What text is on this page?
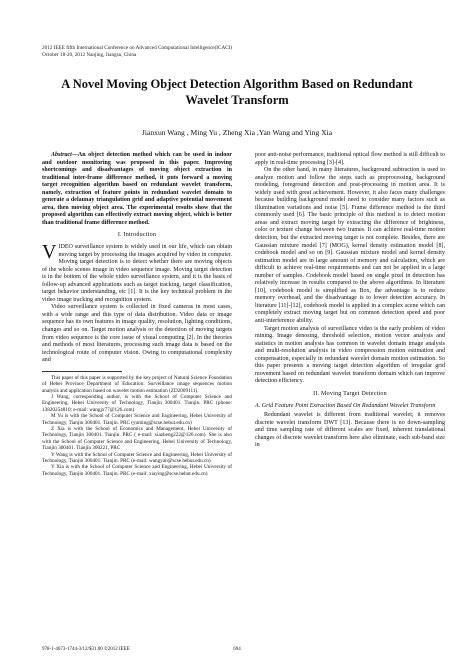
2012 IEEE fifth International Conference on Advanced Computational Intelligence(ICACI)
October 18-20, 2012 Nanjing, Jiangsu, China
A Novel Moving Object Detection Algorithm Based on Redundant
Wavelet Transform
Jianxun Wang , Ming Yu , Zheng Xia ,Yan Wang and Ying Xia

Abstract—An object detection method which can be used in indoor and outdoor monitoring was proposed in this paper. Improving shortcomings and disadvantages of moving object extraction in traditional inter-frame difference method, it puts forward a moving target recognition algorithm based on redundant wavelet transform, namely, extraction of feature points in redundant wavelet domain to generate a delaunay triangulation grid and adaptive potential movement area, then moving object area. The experimental results show that the proposed algorithm can effectively extract moving object, which is better than traditional frame difference method.

I. Introduction

VIDEO surveillance system is widely used in our life, which can obtain moving target by processing the images acquired by video in computer. Moving target detection is to detect whether there are moving objects of the whole scenes image in video sequence image. Moving target detection is in the bottom of the whole video surveillance system, and it is the basis of follow-up advanced applications such as target tracking, target classification, target behavior understanding, etc [1]. It is the key technical problem in the video image tracking and recognition system.

Video surveillance system is collected in fixed cameras in most cases, with a wide range and this type of data distribution. Video data or image sequence has its own features in image quality, resolution, lighting conditions, changes and so on. Target motion analysis or the detection of moving targets from video sequence is the core issue of visual computing [2]. In the theories and methods of most literatures, processing such image data is based on the technological route of computer vision. Owing to computational complexity and

This paper of this paper is supported by the key project of Natural Science Foundation of Hebei Province Department of Education: Surveillance image sequences motion analysis and application based on wavelet motion estimation (ZD2009111).

J Wang, corresponding author, is with the School of Computer Science and Engineering, Hebei University of Technology, Tianjin 300401. Tianjin. PRC (phone: 13820254810; e-mail: wangjx77@126.com).

M Yu is with the School of Computer Science and Engineering, Hebei University of Technology, Tianjin 300401. Tianjin. PRC (yuming@scse.hebut.edu.cn)

Z Xia is with the School of Economics and Management, Hebei University of Technology, Tianjin 300401. Tianjin. PRC ( e-mail: xiazheng222@126.com). She is also with the School of Computer Science and Engineering, Hebei University of Technology, Tianjin 300401. Tianjin 300221, PRC

Y Wang is with the School of Computer Science and Engineering, Hebei University of Technology, Tianjin 300401. Tianjin. PRC (e-mail: wangyan@scse.hebut.edu.cn)

Y Xia is with the School of Computer Science and Engineering, Hebei University of Technology, Tianjin 300401. Tianjin. PRC (e-mail: xiaying@scse.hebut.edu.cn)

poor anti-noise performance, traditional optical flow method is still difficult to apply in real-time processing [3]-[4].

On the other hand, in many literatures, background subtraction is used to analyze motion and follow the steps such as preprocessing, background modeling, foreground detection and post-processing in motion area. It is widely used with great achievement. However, it also faces many challenges because building background model need to consider many factors such as illumination variations and noise [5]. Frame difference method is the third commonly used [6]. The basic principle of this method is to detect motion areas and extract moving target by extracting the difference of brightness, color or texture change between two frames. It can achieve real-time motion detection, but the extracted moving target is not complete. Besides, there are Gaussian mixture model [7] (MOG), kernel density estimation model [8], codebook model and so on [9]. Gaussian mixture model and kernel density estimation model are in large amount of memory and calculation, which are difficult to achieve real-time requirements and can not be applied in a large number of samples. Codebook model based on single pixel in detection has relatively increase in results compared to the above algorithms. In literature [10], codebook model is simplified as Box, the advantage is to reduce memory overhead, and the disadvantage is to lower detection accuracy. In literature [11]-[12], codebook model is applied in a complex scene which can completely extract moving target but on common detection speed and poor anti-interference ability.

Target motion analysis of surveillance video is the early problem of video mining. Image denosing, threshold selection, motion vector analysis and statistics in motion analysis has common in wavelet domain image analysis and multi-resolution analysis in video compression motion estimation and compensation, especially in redundant wavelet domain motion estimation. So this paper presents a moving target detection algorithm of irregular grid movement based on redundant wavelet transform domain which can improve detection efficiency.

II. Moving Target Detection
A. Grid Feature Point Extraction Based On Redundant Wavelet Transform

Redundant wavelet is different from traditional wavelet; it removes discrete wavelet transform DWT [13]. Because there is no down-sampling and time sampling rate of different scales are fixed, inherent translational changes of discrete wavelet transform here also eliminate, each sub-band size in

978-1-4673-1744-3/12/$31.00 ©2012 IEEE	694
